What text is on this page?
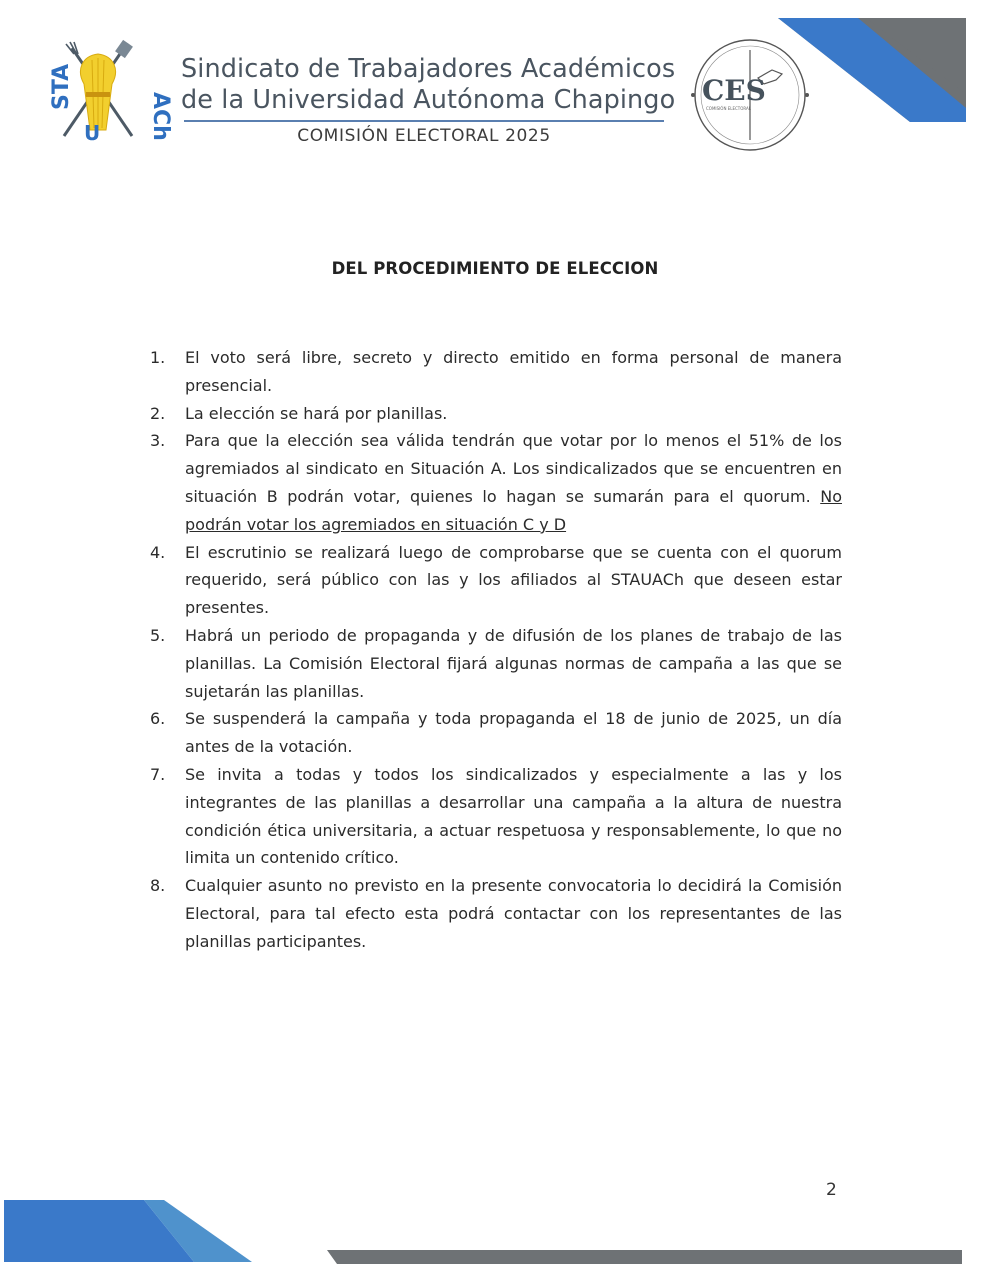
STA
ACh
U
Sindicato de Trabajadores Académicos
de la Universidad Autónoma Chapingo
COMISIÓN ELECTORAL 2025
CES
COMISIÓN ELECTORAL
DEL PROCEDIMIENTO DE ELECCION
1.	El voto será libre, secreto y directo emitido en forma personal de manera presencial.
2.	La elección se hará por planillas.
3.	Para que la elección sea válida tendrán que votar por lo menos el 51% de los agremiados al sindicato en Situación A. Los sindicalizados que se encuentren en situación B podrán votar, quienes lo hagan se sumarán para el quorum. No podrán votar los agremiados en situación C y D
4.	El escrutinio se realizará luego de comprobarse que se cuenta con el quorum requerido, será público con las y los afiliados al STAUACh que deseen estar presentes.
5.	Habrá un periodo de propaganda y de difusión de los planes de trabajo de las planillas. La Comisión Electoral fijará algunas normas de campaña a las que se sujetarán las planillas.
6.	Se suspenderá la campaña y toda propaganda el 18 de junio de 2025, un día antes de la votación.
7.	Se invita a todas y todos los sindicalizados y especialmente a las y los integrantes de las planillas a desarrollar una campaña a la altura de nuestra condición ética universitaria, a actuar respetuosa y responsablemente, lo que no limita un contenido crítico.
8.	Cualquier asunto no previsto en la presente convocatoria lo decidirá la Comisión Electoral, para tal efecto esta podrá contactar con los representantes de las planillas participantes.
2
